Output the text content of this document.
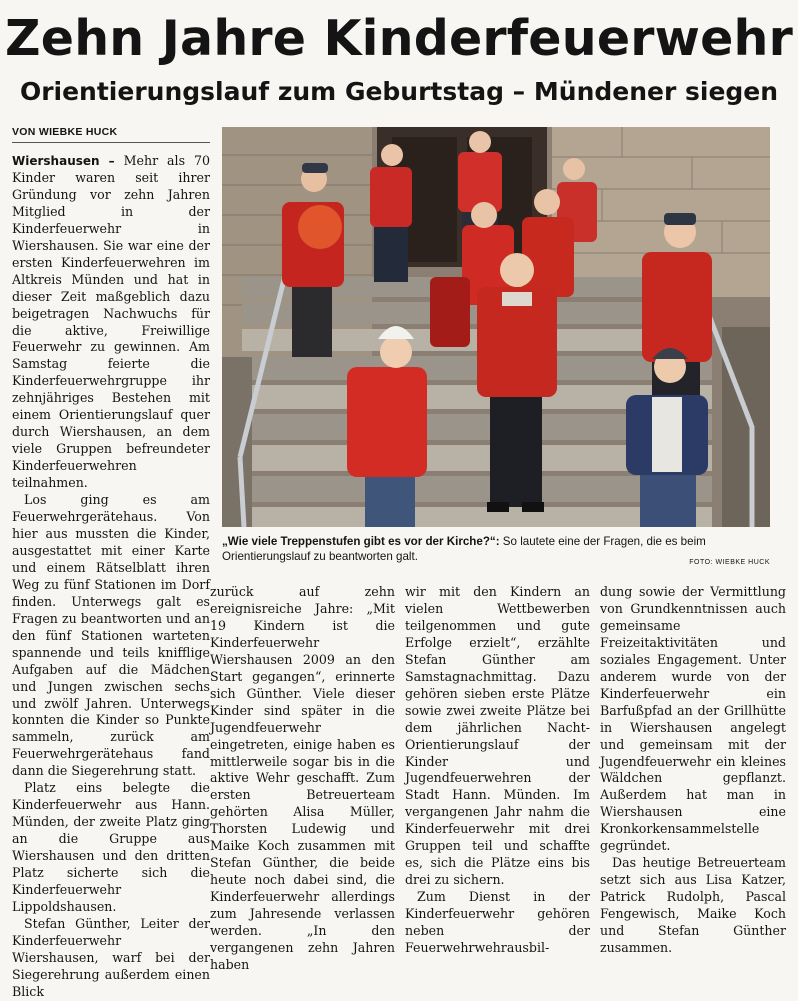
Zehn Jahre Kinderfeuerwehr
Orientierungslauf zum Geburtstag – Mündener siegen
VON WIEBKE HUCK

Wiershausen – Mehr als 70 Kinder waren seit ihrer Gründung vor zehn Jahren Mitglied in der Kinderfeuerwehr in Wiershausen. Sie war eine der ersten Kinderfeuerwehren im Altkreis Münden und hat in dieser Zeit maßgeblich dazu beigetragen Nachwuchs für die aktive, Freiwillige Feuerwehr zu gewinnen. Am Samstag feierte die Kinderfeuerwehrgruppe ihr zehnjähriges Bestehen mit einem Orientierungslauf quer durch Wiershausen, an dem viele Gruppen befreundeter Kinderfeuerwehren teilnahmen.

Los ging es am Feuerwehrgerätehaus. Von hier aus mussten die Kinder, ausgestattet mit einer Karte und einem Rätselblatt ihren Weg zu fünf Stationen im Dorf finden. Unterwegs galt es Fragen zu beantworten und an den fünf Stationen warteten spannende und teils knifflige Aufgaben auf die Mädchen und Jungen zwischen sechs und zwölf Jahren. Unterwegs konnten die Kinder so Punkte sammeln, zurück am Feuerwehrgerätehaus fand dann die Siegerehrung statt.

Platz eins belegte die Kinderfeuerwehr aus Hann. Münden, der zweite Platz ging an die Gruppe aus Wiershausen und den dritten Platz sicherte sich die Kinderfeuerwehr Lippoldshausen.

Stefan Günther, Leiter der Kinderfeuerwehr Wiershausen, warf bei der Siegerehrung außerdem einen Blick

„Wie viele Treppenstufen gibt es vor der Kirche?“: So lautete eine der Fragen, die es beim Orientierungslauf zu beantworten galt.	FOTO: WIEBKE HUCK

zurück auf zehn ereignisreiche Jahre: „Mit 19 Kindern ist die Kinderfeuerwehr Wiershausen 2009 an den Start gegangen“, erinnerte sich Günther. Viele dieser Kinder sind später in die Jugendfeuerwehr eingetreten, einige haben es mittlerweile sogar bis in die aktive Wehr geschafft. Zum ersten Betreuerteam gehörten Alisa Müller, Thorsten Ludewig und Maike Koch zusammen mit Stefan Günther, die beide heute noch dabei sind, die Kinderfeuerwehr allerdings zum Jahresende verlassen werden. „In den vergangenen zehn Jahren haben

wir mit den Kindern an vielen Wettbewerben teilgenommen und gute Erfolge erzielt“, erzählte Stefan Günther am Samstagnachmittag. Dazu gehören sieben erste Plätze sowie zwei zweite Plätze bei dem jährlichen Nacht-Orientierungslauf der Kinder und Jugendfeuerwehren der Stadt Hann. Münden. Im vergangenen Jahr nahm die Kinderfeuerwehr mit drei Gruppen teil und schaffte es, sich die Plätze eins bis drei zu sichern.

Zum Dienst in der Kinderfeuerwehr gehören neben der Feuerwehrwehrausbil-

dung sowie der Vermittlung von Grundkenntnissen auch gemeinsame Freizeitaktivitäten und soziales Engagement. Unter anderem wurde von der Kinderfeuerwehr ein Barfußpfad an der Grillhütte in Wiershausen angelegt und gemeinsam mit der Jugendfeuerwehr ein kleines Wäldchen gepflanzt. Außerdem hat man in Wiershausen eine Kronkorkensammelstelle gegründet.

Das heutige Betreuerteam setzt sich aus Lisa Katzer, Patrick Rudolph, Pascal Fengewisch, Maike Koch und Stefan Günther zusammen.
